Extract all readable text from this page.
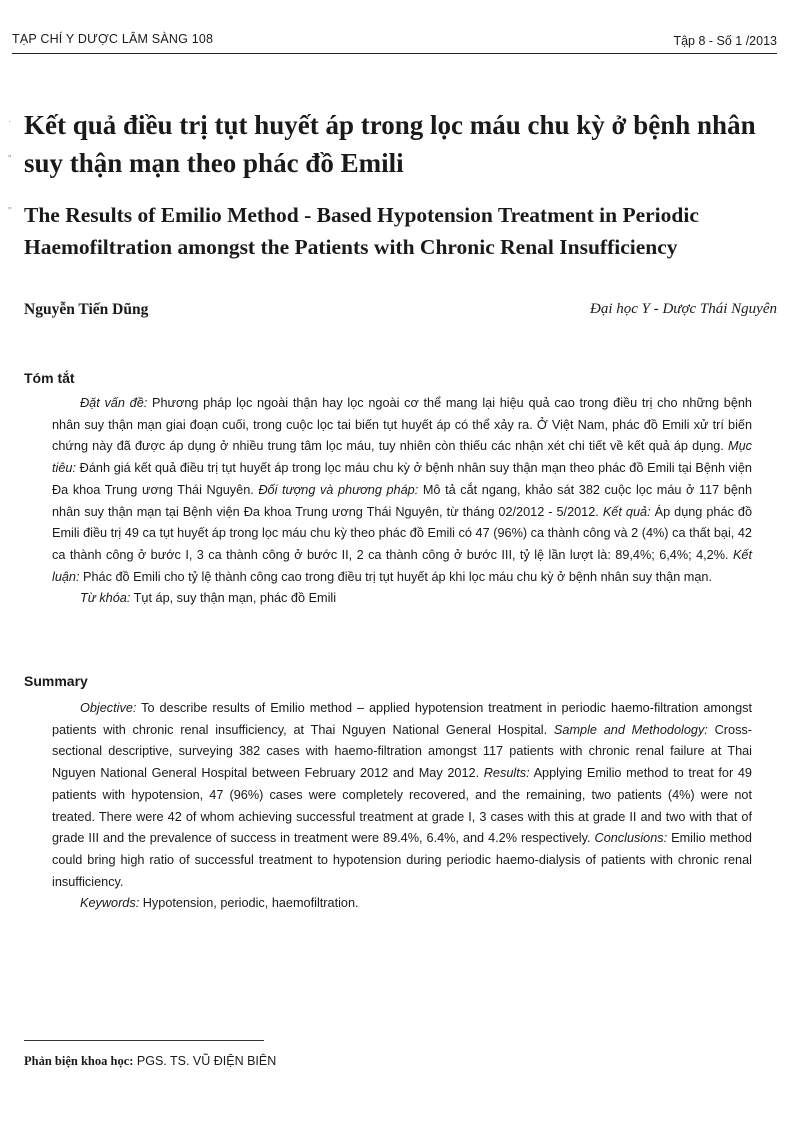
TẠP CHÍ Y DƯỢC LÂM SÀNG 108	Tập 8 - Số 1 /2013
·
"
"
Kết quả điều trị tụt huyết áp trong lọc máu chu kỳ ở bệnh nhân suy thận mạn theo phác đồ Emili
The Results of Emilio Method - Based Hypotension Treatment in Periodic Haemofiltration amongst the Patients with Chronic Renal Insufficiency
Nguyễn Tiến Dũng	Đại học Y - Dược Thái Nguyên
Tóm tắt

Đặt vấn đề: Phương pháp lọc ngoài thận hay lọc ngoài cơ thể mang lại hiệu quả cao trong điều trị cho những bệnh nhân suy thận mạn giai đoạn cuối, trong cuộc lọc tai biến tụt huyết áp có thể xảy ra. Ở Việt Nam, phác đồ Emili xử trí biến chứng này đã được áp dụng ở nhiều trung tâm lọc máu, tuy nhiên còn thiếu các nhận xét chi tiết về kết quả áp dụng. Mục tiêu: Đánh giá kết quả điều trị tụt huyết áp trong lọc máu chu kỳ ở bệnh nhân suy thận mạn theo phác đồ Emili tại Bệnh viện Đa khoa Trung ương Thái Nguyên. Đối tượng và phương pháp: Mô tả cắt ngang, khảo sát 382 cuộc lọc máu ở 117 bệnh nhân suy thận mạn tại Bệnh viện Đa khoa Trung ương Thái Nguyên, từ tháng 02/2012 - 5/2012. Kết quả: Áp dụng phác đồ Emili điều trị 49 ca tụt huyết áp trong lọc máu chu kỳ theo phác đồ Emili có 47 (96%) ca thành công và 2 (4%) ca thất bại, 42 ca thành công ở bước I, 3 ca thành công ở bước II, 2 ca thành công ở bước III, tỷ lệ lần lượt là: 89,4%; 6,4%; 4,2%. Kết luận: Phác đồ Emili cho tỷ lệ thành công cao trong điều trị tụt huyết áp khi lọc máu chu kỳ ở bệnh nhân suy thận mạn.

Từ khóa: Tụt áp, suy thận mạn, phác đồ Emili
Summary

Objective: To describe results of Emilio method – applied hypotension treatment in periodic haemo-filtration amongst patients with chronic renal insufficiency, at Thai Nguyen National General Hospital. Sample and Methodology: Cross-sectional descriptive, surveying 382 cases with haemo-filtration amongst 117 patients with chronic renal failure at Thai Nguyen National General Hospital between February 2012 and May 2012. Results: Applying Emilio method to treat for 49 patients with hypotension, 47 (96%) cases were completely recovered, and the remaining, two patients (4%) were not treated. There were 42 of whom achieving successful treatment at grade I, 3 cases with this at grade II and two with that of grade III and the prevalence of success in treatment were 89.4%, 6.4%, and 4.2% respectively. Conclusions: Emilio method could bring high ratio of successful treatment to hypotension during periodic haemo-dialysis of patients with chronic renal insufficiency.

Keywords: Hypotension, periodic, haemofiltration.
Phản biện khoa học: PGS. TS. VŨ ĐIỆN BIÊN
